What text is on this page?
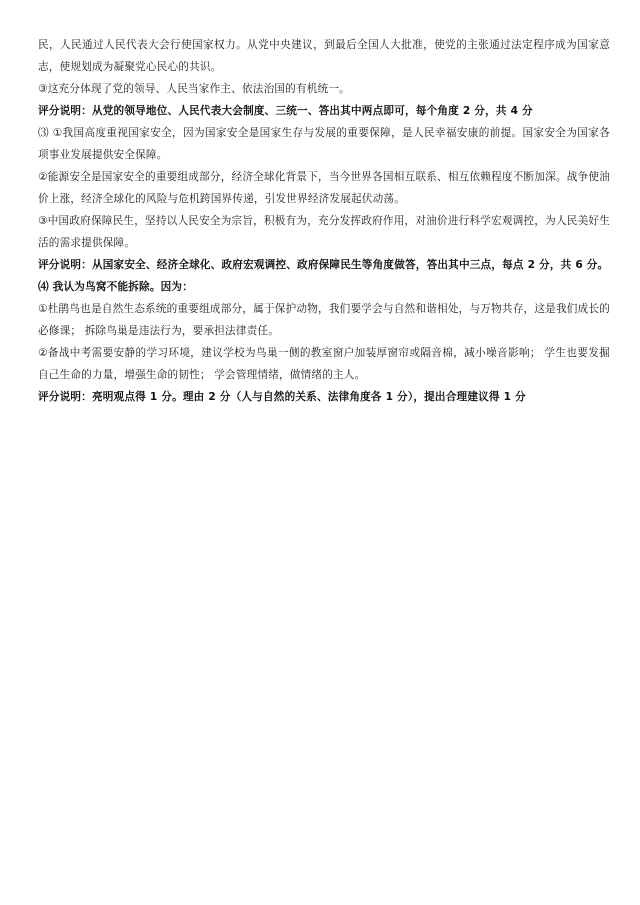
民，人民通过人民代表大会行使国家权力。从党中央建议，到最后全国人大批准，使党的主张通过法定程序成为国家意志，使规划成为凝聚党心民心的共识。

③这充分体现了党的领导、人民当家作主、依法治国的有机统一。

评分说明：从党的领导地位、人民代表大会制度、三统一、答出其中两点即可，每个角度 2 分，共 4 分

⑶ ①我国高度重视国家安全，因为国家安全是国家生存与发展的重要保障，是人民幸福安康的前提。国家安全为国家各项事业发展提供安全保障。

②能源安全是国家安全的重要组成部分，经济全球化背景下，当今世界各国相互联系、相互依赖程度不断加深。战争使油价上涨，经济全球化的风险与危机跨国界传递，引发世界经济发展起伏动荡。

③中国政府保障民生，坚持以人民安全为宗旨，积极有为，充分发挥政府作用，对油价进行科学宏观调控，为人民美好生活的需求提供保障。

评分说明：从国家安全、经济全球化、政府宏观调控、政府保障民生等角度做答，答出其中三点，每点 2 分，共 6 分。

⑷ 我认为鸟窝不能拆除。因为：

①杜鹃鸟也是自然生态系统的重要组成部分，属于保护动物，我们要学会与自然和谐相处，与万物共存，这是我们成长的必修课； 拆除鸟巢是违法行为，要承担法律责任。

②备战中考需要安静的学习环境，建议学校为鸟巢一侧的教室窗户加装厚窗帘或隔音棉，减小噪音影响； 学生也要发掘自己生命的力量，增强生命的韧性； 学会管理情绪，做情绪的主人。

评分说明：亮明观点得 1 分。理由 2 分（人与自然的关系、法律角度各 1 分），提出合理建议得 1 分
